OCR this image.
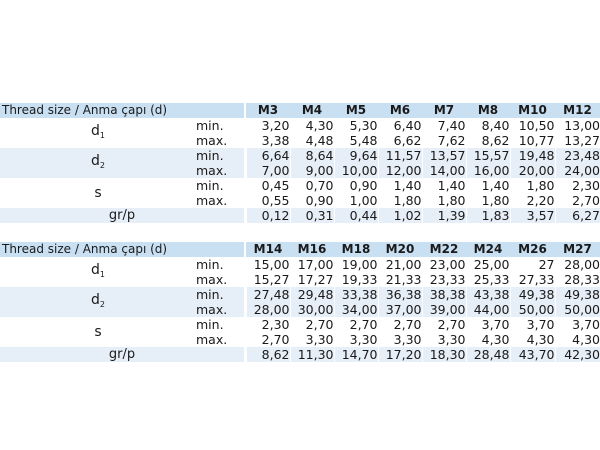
Thread size / Anma çapı (d)			M3	M4	M5	M6	M7	M8	M10	M12
$d_1$	min.		3,20	4,30	5,30	6,40	7,40	8,40	10,50	13,00
	max.		3,38	4,48	5,48	6,62	7,62	8,62	10,77	13,27
$d_2$	min.		6,64	8,64	9,64	11,57	13,57	15,57	19,48	23,48
	max.		7,00	9,00	10,00	12,00	14,00	16,00	20,00	24,00
s	min.		0,45	0,70	0,90	1,40	1,40	1,40	1,80	2,30
	max.		0,55	0,90	1,00	1,80	1,80	1,80	2,20	2,70
gr/p			0,12	0,31	0,44	1,02	1,39	1,83	3,57	6,27
Thread size / Anma çapı (d)			M14	M16	M18	M20	M22	M24	M26	M27
$d_1$	min.		15,00	17,00	19,00	21,00	23,00	25,00	27	28,00
	max.		15,27	17,27	19,33	21,33	23,33	25,33	27,33	28,33
$d_2$	min.		27,48	29,48	33,38	36,38	38,38	43,38	49,38	49,38
	max.		28,00	30,00	34,00	37,00	39,00	44,00	50,00	50,00
s	min.		2,30	2,70	2,70	2,70	2,70	3,70	3,70	3,70
	max.		2,70	3,30	3,30	3,30	3,30	4,30	4,30	4,30
gr/p			8,62	11,30	14,70	17,20	18,30	28,48	43,70	42,30
